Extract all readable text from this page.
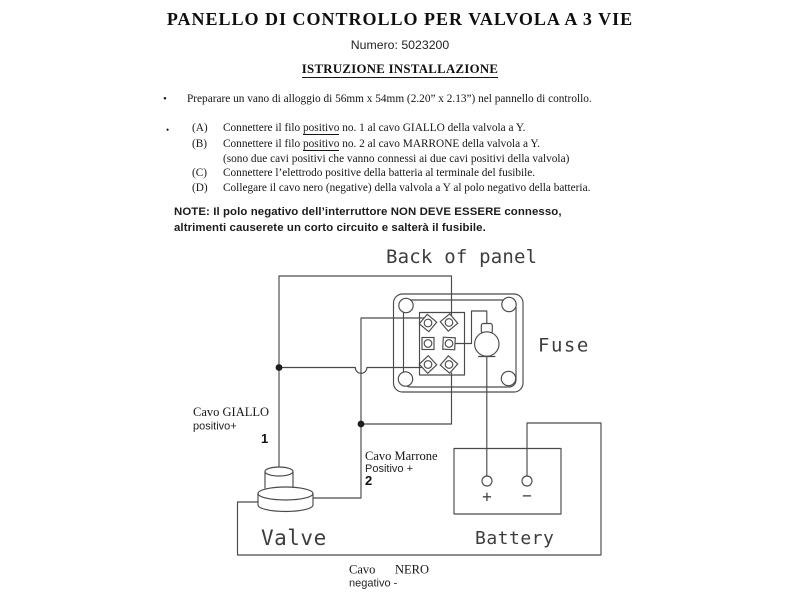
PANELLO DI CONTROLLO PER VALVOLA A 3 VIE
Numero: 5023200
ISTRUZIONE INSTALLAZIONE
• Preparare un vano di alloggio di 56mm x 54mm (2.20” x 2.13”) nel pannello di controllo.
•	(A)	Connettere il filo positivo no. 1 al cavo GIALLO della valvola a Y.
(B)	Connettere il filo positivo no. 2 al cavo MARRONE della valvola a Y.
(sono due cavi positivi che vanno connessi ai due cavi positivi della valvola)
(C)	Connettere l’elettrodo positive della batteria al terminale del fusibile.
(D)	Collegare il cavo nero (negative) della valvola a Y al polo negativo della batteria.
NOTE: Il polo negativo dell’interruttore NON DEVE ESSERE connesso,
altrimenti causerete un corto circuito e salterà il fusibile.
+ −
Back of panel
Fuse
Valve	Battery
Cavo GIALLO
positivo+
1
Cavo Marrone
Positivo +
2
Cavo NERO
negativo -
